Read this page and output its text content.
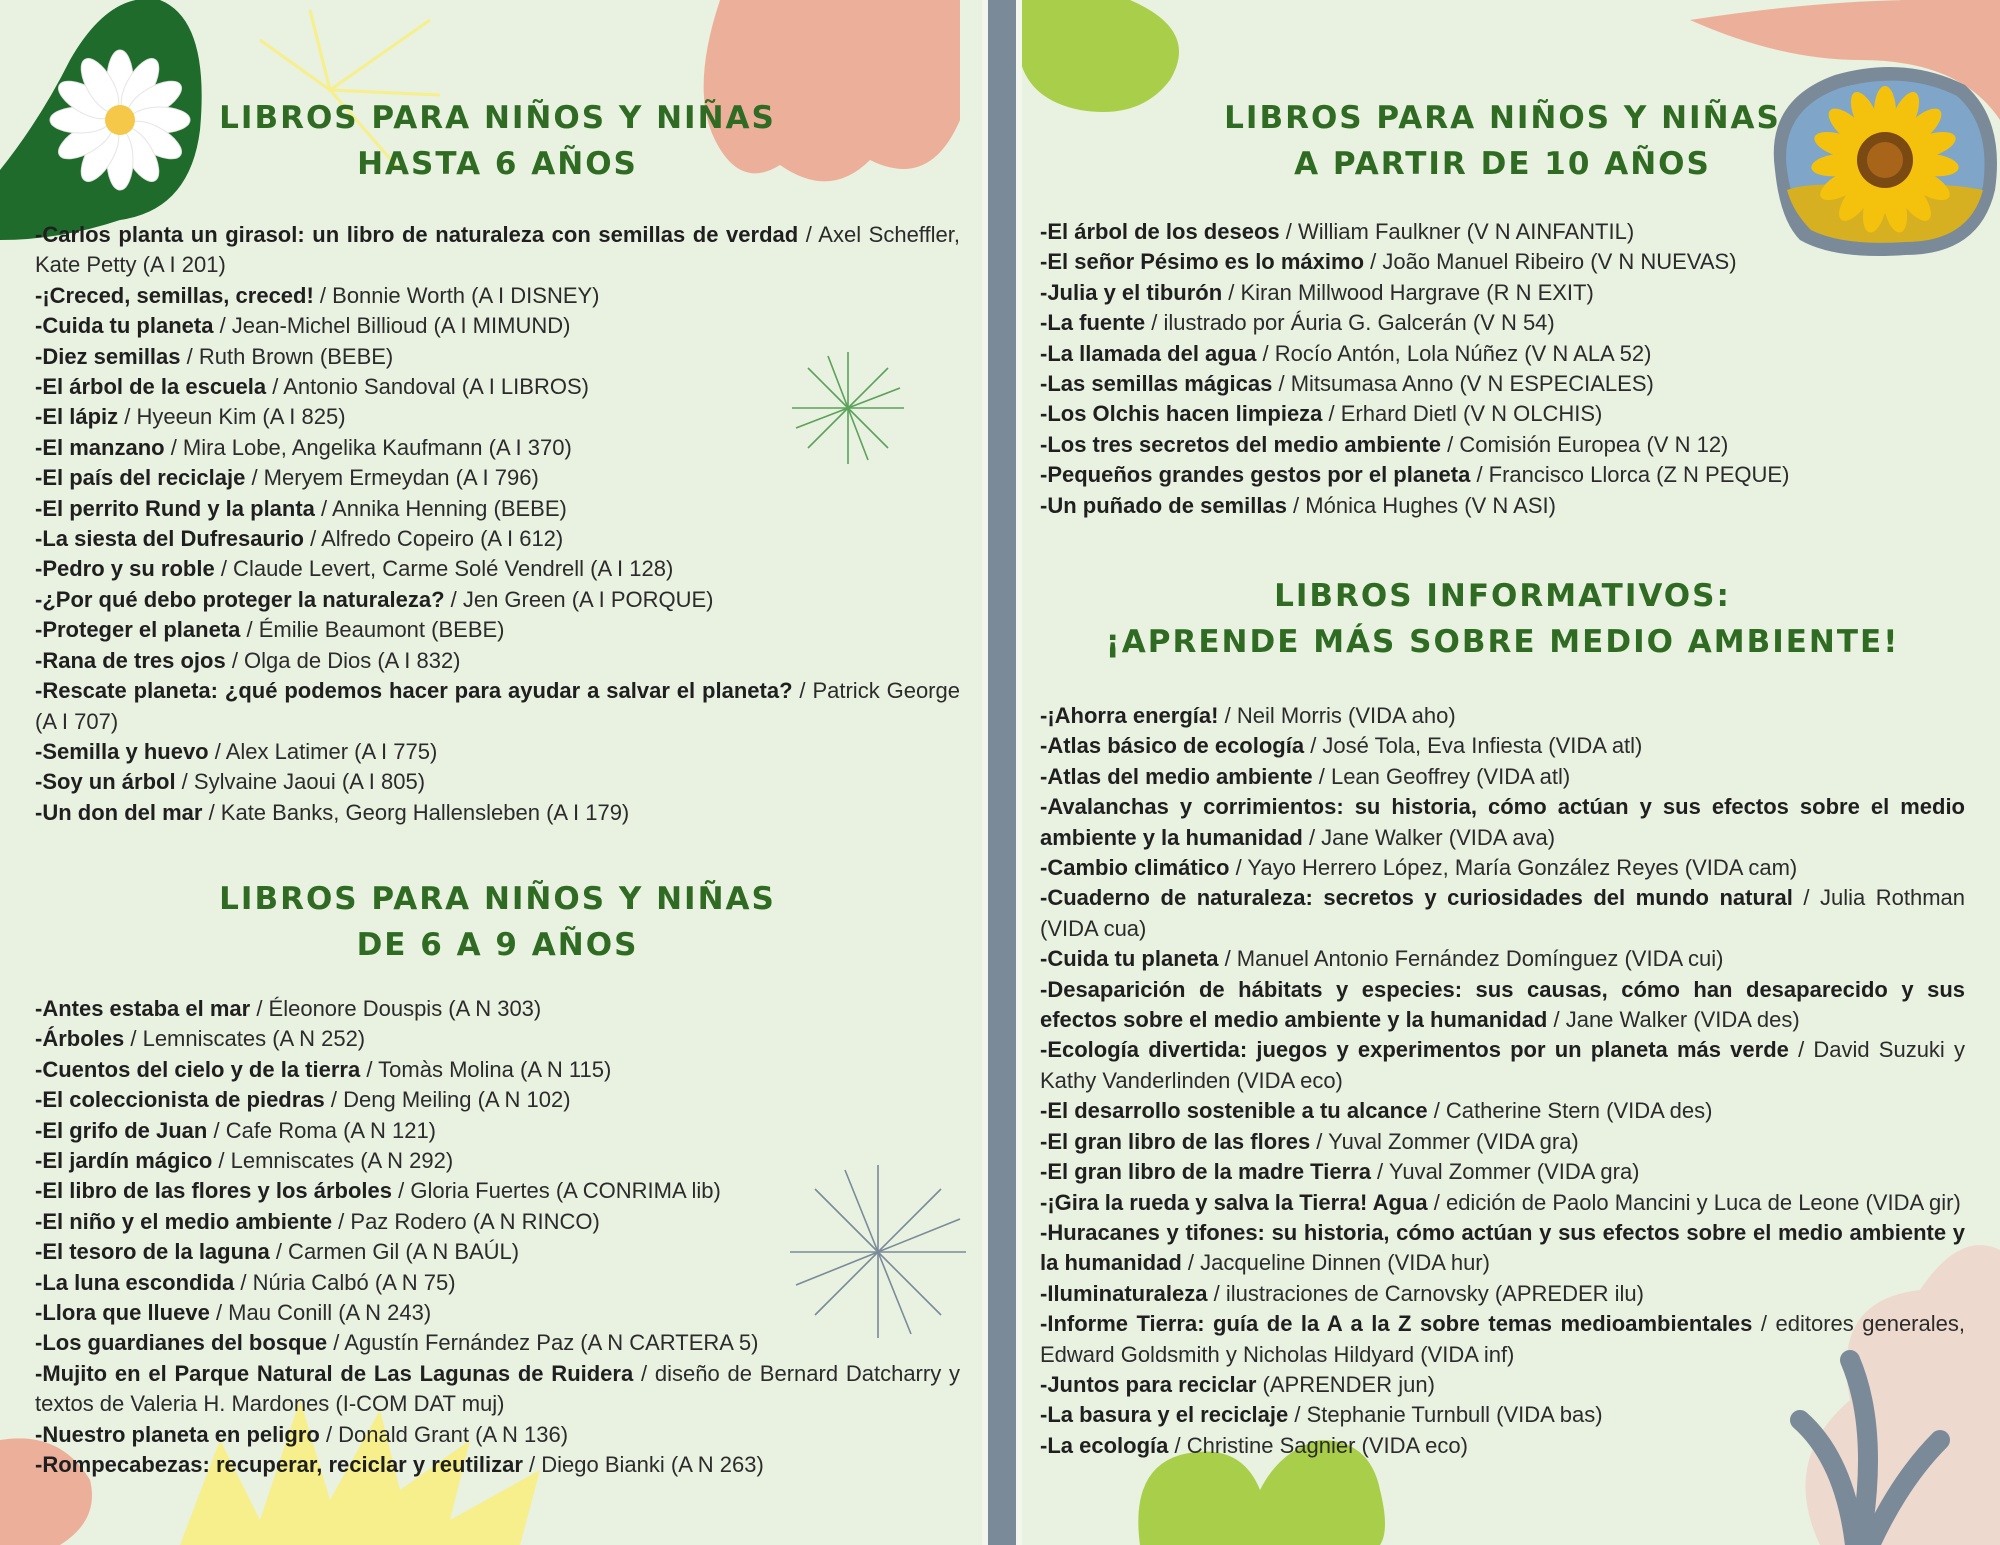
LIBROS PARA NIÑOS Y NIÑAS
HASTA 6 AÑOS
-Carlos planta un girasol: un libro de naturaleza con semillas de verdad / Axel Scheffler, Kate Petty (A I 201)
-¡Creced, semillas, creced! / Bonnie Worth (A I DISNEY)
-Cuida tu planeta / Jean-Michel Billioud (A I MIMUND)
-Diez semillas / Ruth Brown (BEBE)
-El árbol de la escuela / Antonio Sandoval (A I LIBROS)
-El lápiz / Hyeeun Kim (A I 825)
-El manzano / Mira Lobe, Angelika Kaufmann (A I 370)
-El país del reciclaje / Meryem Ermeydan (A I 796)
-El perrito Rund y la planta / Annika Henning (BEBE)
-La siesta del Dufresaurio / Alfredo Copeiro (A I 612)
-Pedro y su roble / Claude Levert, Carme Solé Vendrell (A I 128)
-¿Por qué debo proteger la naturaleza? / Jen Green (A I PORQUE)
-Proteger el planeta / Émilie Beaumont (BEBE)
-Rana de tres ojos / Olga de Dios (A I 832)
-Rescate planeta: ¿qué podemos hacer para ayudar a salvar el planeta? / Patrick George (A I 707)
-Semilla y huevo / Alex Latimer (A I 775)
-Soy un árbol / Sylvaine Jaoui (A I 805)
-Un don del mar / Kate Banks, Georg Hallensleben (A I 179)
LIBROS PARA NIÑOS Y NIÑAS
DE 6 A 9 AÑOS
-Antes estaba el mar / Éleonore Douspis (A N 303)
-Árboles / Lemniscates (A N 252)
-Cuentos del cielo y de la tierra / Tomàs Molina (A N 115)
-El coleccionista de piedras / Deng Meiling (A N 102)
-El grifo de Juan / Cafe Roma (A N 121)
-El jardín mágico / Lemniscates (A N 292)
-El libro de las flores y los árboles / Gloria Fuertes (A CONRIMA lib)
-El niño y el medio ambiente / Paz Rodero (A N RINCO)
-El tesoro de la laguna / Carmen Gil (A N BAÚL)
-La luna escondida / Núria Calbó (A N 75)
-Llora que llueve / Mau Conill (A N 243)
-Los guardianes del bosque / Agustín Fernández Paz (A N CARTERA 5)
-Mujito en el Parque Natural de Las Lagunas de Ruidera / diseño de Bernard Datcharry y textos de Valeria H. Mardones (I-COM DAT muj)
-Nuestro planeta en peligro / Donald Grant (A N 136)
-Rompecabezas: recuperar, reciclar y reutilizar / Diego Bianki (A N 263)
LIBROS PARA NIÑOS Y NIÑAS
A PARTIR DE 10 AÑOS
-El árbol de los deseos / William Faulkner (V N AINFANTIL)
-El señor Pésimo es lo máximo / João Manuel Ribeiro (V N NUEVAS)
-Julia y el tiburón / Kiran Millwood Hargrave (R N EXIT)
-La fuente / ilustrado por Áuria G. Galcerán (V N 54)
-La llamada del agua / Rocío Antón, Lola Núñez (V N ALA 52)
-Las semillas mágicas / Mitsumasa Anno (V N ESPECIALES)
-Los Olchis hacen limpieza / Erhard Dietl (V N OLCHIS)
-Los tres secretos del medio ambiente / Comisión Europea (V N 12)
-Pequeños grandes gestos por el planeta / Francisco Llorca (Z N PEQUE)
-Un puñado de semillas / Mónica Hughes (V N ASI)
LIBROS INFORMATIVOS:
¡APRENDE MÁS SOBRE MEDIO AMBIENTE!
-¡Ahorra energía! / Neil Morris (VIDA aho)
-Atlas básico de ecología / José Tola, Eva Infiesta (VIDA atl)
-Atlas del medio ambiente / Lean Geoffrey (VIDA atl)
-Avalanchas y corrimientos: su historia, cómo actúan y sus efectos sobre el medio ambiente y la humanidad / Jane Walker (VIDA ava)
-Cambio climático / Yayo Herrero López, María González Reyes (VIDA cam)
-Cuaderno de naturaleza: secretos y curiosidades del mundo natural / Julia Rothman (VIDA cua)
-Cuida tu planeta / Manuel Antonio Fernández Domínguez (VIDA cui)
-Desaparición de hábitats y especies: sus causas, cómo han desaparecido y sus efectos sobre el medio ambiente y la humanidad / Jane Walker (VIDA des)
-Ecología divertida: juegos y experimentos por un planeta más verde / David Suzuki y Kathy Vanderlinden (VIDA eco)
-El desarrollo sostenible a tu alcance / Catherine Stern (VIDA des)
-El gran libro de las flores / Yuval Zommer (VIDA gra)
-El gran libro de la madre Tierra / Yuval Zommer (VIDA gra)
-¡Gira la rueda y salva la Tierra! Agua / edición de Paolo Mancini y Luca de Leone (VIDA gir)
-Huracanes y tifones: su historia, cómo actúan y sus efectos sobre el medio ambiente y la humanidad / Jacqueline Dinnen (VIDA hur)
-Iluminaturaleza / ilustraciones de Carnovsky (APREDER ilu)
-Informe Tierra: guía de la A a la Z sobre temas medioambientales / editores generales, Edward Goldsmith y Nicholas Hildyard (VIDA inf)
-Juntos para reciclar (APRENDER jun)
-La basura y el reciclaje / Stephanie Turnbull (VIDA bas)
-La ecología / Christine Sagnier (VIDA eco)
